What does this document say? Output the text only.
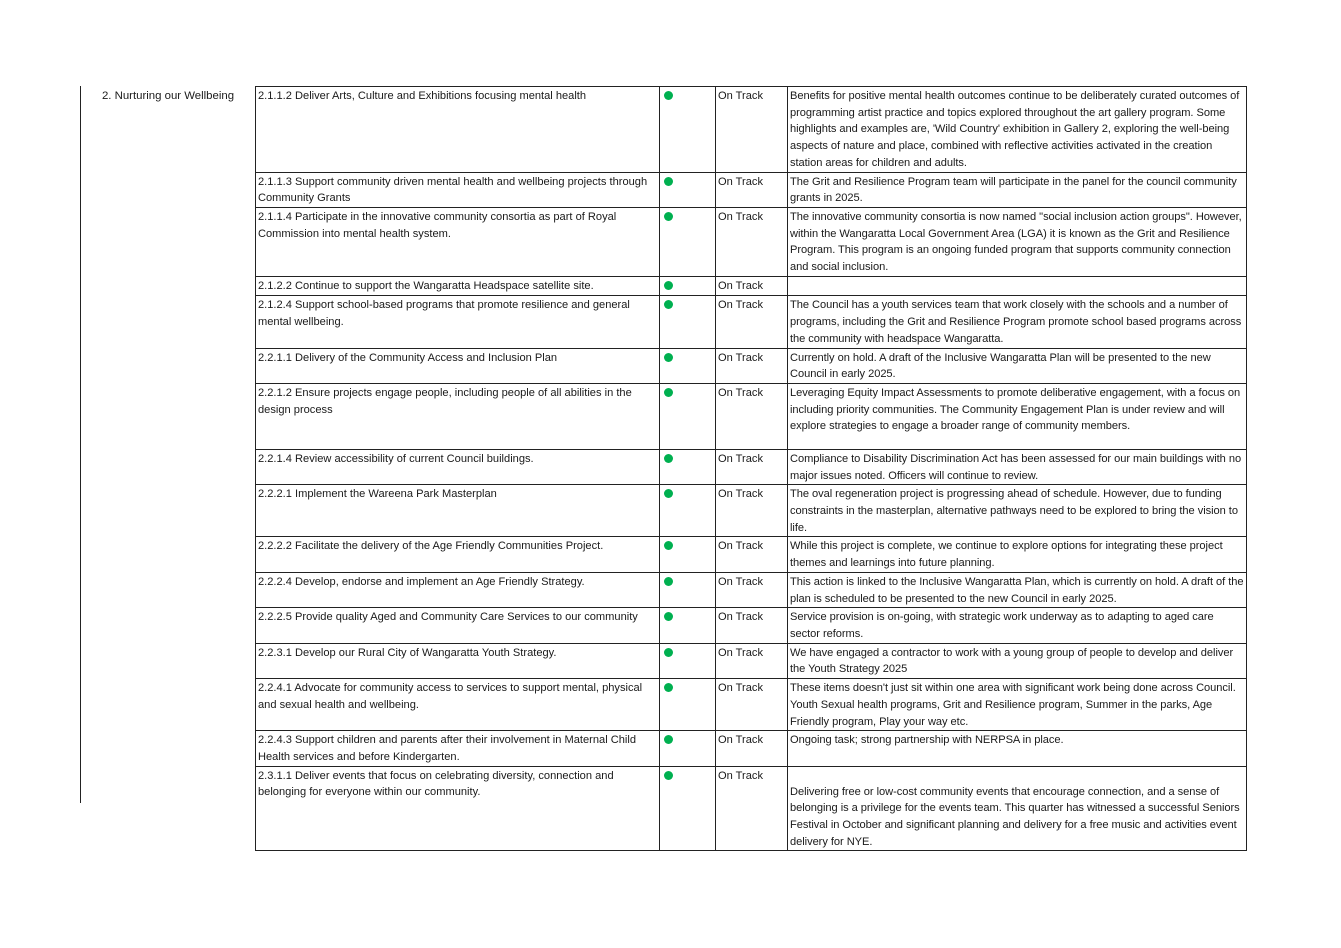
2. Nurturing our Wellbeing	2.1.1.2 Deliver Arts, Culture and Exhibitions focusing mental health		On Track	Benefits for positive mental health outcomes continue to be deliberately curated outcomes of programming artist practice and topics explored throughout the art gallery program. Some highlights and examples are, 'Wild Country' exhibition in Gallery 2, exploring the well-being aspects of nature and place, combined with reflective activities activated in the creation station areas for children and adults.
2.1.1.3 Support community driven mental health and wellbeing projects through Community Grants		On Track	The Grit and Resilience Program team will participate in the panel for the council community grants in 2025.
2.1.1.4 Participate in the innovative community consortia as part of Royal Commission into mental health system.		On Track	The innovative community consortia is now named "social inclusion action groups". However, within the Wangaratta Local Government Area (LGA) it is known as the Grit and Resilience Program. This program is an ongoing funded program that supports community connection and social inclusion.
2.1.2.2 Continue to support the Wangaratta Headspace satellite site.		On Track	
2.1.2.4 Support school-based programs that promote resilience and general mental wellbeing.		On Track	The Council has a youth services team that work closely with the schools and a number of programs, including the Grit and Resilience Program promote school based programs across the community with headspace Wangaratta.
2.2.1.1 Delivery of the Community Access and Inclusion Plan		On Track	Currently on hold. A draft of the Inclusive Wangaratta Plan will be presented to the new Council in early 2025.
2.2.1.2 Ensure projects engage people, including people of all abilities in the design process		On Track	Leveraging Equity Impact Assessments to promote deliberative engagement, with a focus on including priority communities. The Community Engagement Plan is under review and will explore strategies to engage a broader range of community members.
2.2.1.4 Review accessibility of current Council buildings.		On Track	Compliance to Disability Discrimination Act has been assessed for our main buildings with no major issues noted. Officers will continue to review.
2.2.2.1 Implement the Wareena Park Masterplan		On Track	The oval regeneration project is progressing ahead of schedule. However, due to funding constraints in the masterplan, alternative pathways need to be explored to bring the vision to life.
2.2.2.2 Facilitate the delivery of the Age Friendly Communities Project.		On Track	While this project is complete, we continue to explore options for integrating these project themes and learnings into future planning.
2.2.2.4 Develop, endorse and implement an Age Friendly Strategy.		On Track	This action is linked to the Inclusive Wangaratta Plan, which is currently on hold. A draft of the plan is scheduled to be presented to the new Council in early 2025.
2.2.2.5 Provide quality Aged and Community Care Services to our community		On Track	Service provision is on-going, with strategic work underway as to adapting to aged care sector reforms.
2.2.3.1 Develop our Rural City of Wangaratta Youth Strategy.		On Track	We have engaged a contractor to work with a young group of people to develop and deliver the Youth Strategy 2025
2.2.4.1 Advocate for community access to services to support mental, physical and sexual health and wellbeing.		On Track	These items doesn't just sit within one area with significant work being done across Council. Youth Sexual health programs, Grit and Resilience program, Summer in the parks, Age Friendly program, Play your way etc.
2.2.4.3 Support children and parents after their involvement in Maternal Child Health services and before Kindergarten.		On Track	Ongoing task; strong partnership with NERPSA in place.
2.3.1.1 Deliver events that focus on celebrating diversity, connection and belonging for everyone within our community.		On Track	Delivering free or low-cost community events that encourage connection, and a sense of belonging is a privilege for the events team. This quarter has witnessed a successful Seniors Festival in October and significant planning and delivery for a free music and activities event delivery for NYE.
